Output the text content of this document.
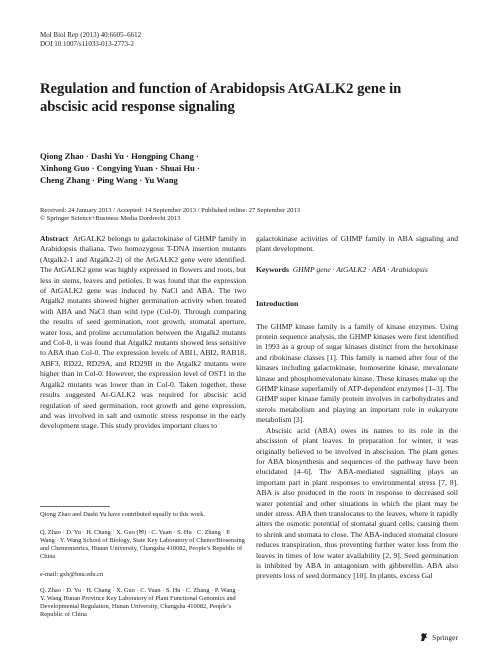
Mol Biol Rep (2013) 40:6605–6612
DOI 10.1007/s11033-013-2773-2
Regulation and function of Arabidopsis AtGALK2 gene in abscisic acid response signaling
Qiong Zhao · Dashi Yu · Hongping Chang ·
Xinhong Guo · Congying Yuan · Shuai Hu ·
Cheng Zhang · Ping Wang · Yu Wang
Received: 24 January 2013 / Accepted: 14 September 2013 / Published online: 27 September 2013
© Springer Science+Business Media Dordrecht 2013

Abstract AtGALK2 belongs to galactokinase of GHMP family in Arabidopsis thaliana. Two homozygous T-DNA insertion mutants (Atgalk2-1 and Atgalk2-2) of the AtGALK2 gene were identified. The AtGALK2 gene was highly expressed in flowers and roots, but less in stems, leaves and petioles. It was found that the expression of AtGALK2 gene was induced by NaCl and ABA. The two Atgalk2 mutants showed higher germination activity when treated with ABA and NaCl than wild type (Col-0). Through comparing the results of seed germination, root growth, stomatal aperture, water loss, and proline accumulation between the Atgalk2 mutants and Col-0, it was found that Atgalk2 mutants showed less sensitive to ABA than Col-0. The expression levels of ABI1, ABI2, RAB18, ABF3, RD22, RD29A, and RD29B in the Atgalk2 mutants were higher than in Col-0. However, the expression level of OST1 in the Atgalk2 mutants was lower than in Col-0. Taken together, these results suggested At-GALK2 was required for abscisic acid regulation of seed germination, root growth and gene expression, and was involved in salt and osmotic stress response in the early development stage. This study provides important clues to

Qiong Zhao and Dashi Yu have contributed equally to this work.
Q. Zhao · D. Yu · H. Chang · X. Guo (✉) · C. Yuan · S. Hu · C. Zhang · P. Wang · Y. Wang School of Biology, State Key Laboratory of Chemo/Biosensing and Chemometrics, Hunan University, Changsha 410082, People’s Republic of China
e-mail: gxh@hnu.edu.cn
Q. Zhao · D. Yu · H. Chang · X. Guo · C. Yuan · S. Hu · C. Zhang · P. Wang · Y. Wang Hunan Province Key Laboratory of Plant Functional Genomics and Developmental Regulation, Hunan University, Changsha 410082, People’s Republic of China

galactokinase activities of GHMP family in ABA signaling and plant development.

Keywords GHMP gene · AtGALK2 · ABA · Arabidopsis

Introduction

The GHMP kinase family is a family of kinase enzymes. Using protein sequence analysis, the GHMP kinases were first identified in 1993 as a group of sugar kinases distinct from the hexokinase and ribokinase classes [1]. This family is named after four of the kinases including galactokinase, homoserine kinase, mevalonate kinase and phosphomevalonate kinase. These kinases make up the GHMP kinase superfamily of ATP-dependent enzymes [1–3]. The GHMP super kinase family protein involves in carbohydrates and sterols metabolism and playing an important role in eukaryote metabolism [3].

Abscisic acid (ABA) owes its names to its role in the abscission of plant leaves. In preparation for winter, it was originally believed to be involved in abscission. The plant genes for ABA biosynthesis and sequences of the pathway have been elucidated [4–6]. The ABA-mediated signalling plays an important part in plant responses to environmental stress [7, 8]. ABA is also produced in the roots in response to decreased soil water potential and other situations in which the plant may be under stress. ABA then translocates to the leaves, where it rapidly alters the osmotic potential of stomatal guard cells, causing them to shrink and stomata to close. The ABA-induced stomatal closure reduces transpiration, thus preventing further water loss from the leaves in times of low water availability [2, 9]. Seed germination is inhibited by ABA in antagonism with gibberellin. ABA also prevents loss of seed dormancy [10]. In plants, excess Gal

Springer
